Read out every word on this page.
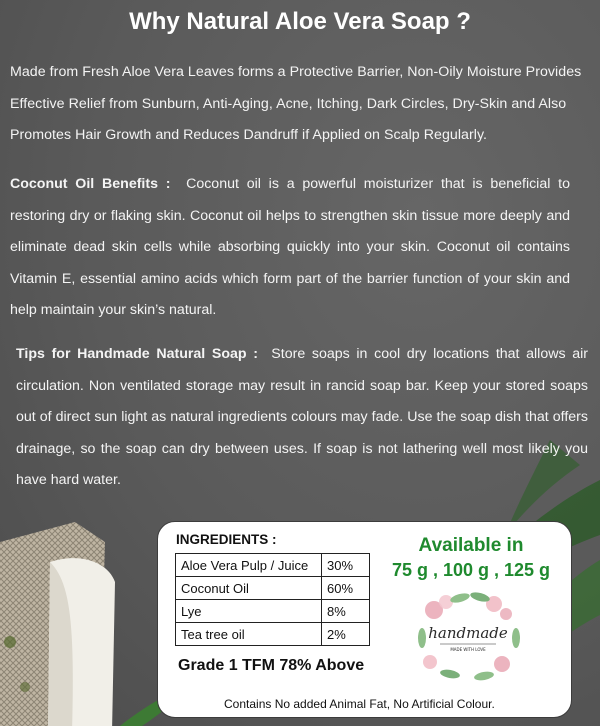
Why Natural Aloe Vera Soap ?
Made from Fresh Aloe Vera Leaves forms a Protective Barrier, Non-Oily Moisture Provides Effective Relief from Sunburn, Anti-Aging, Acne, Itching, Dark Circles, Dry-Skin and Also Promotes Hair Growth and Reduces Dandruff if Applied on Scalp Regularly.
Coconut Oil Benefits : Coconut oil is a powerful moisturizer that is beneficial to restoring dry or flaking skin. Coconut oil helps to strengthen skin tissue more deeply and eliminate dead skin cells while absorbing quickly into your skin. Coconut oil contains Vitamin E, essential amino acids which form part of the barrier function of your skin and help maintain your skin’s natural.
Tips for Handmade Natural Soap : Store soaps in cool dry locations that allows air circulation. Non ventilated storage may result in rancid soap bar. Keep your stored soaps out of direct sun light as natural ingredients colours may fade. Use the soap dish that offers drainage, so the soap can dry between uses. If soap is not lathering well most likely you have hard water.
INGREDIENTS :
Aloe Vera Pulp / Juice	30%
Coconut Oil	60%
Lye	8%
Tea tree oil	2%
Grade 1 TFM 78% Above
Available in
75 g , 100 g , 125 g
handmade
MADE WITH LOVE
Contains No added Animal Fat, No Artificial Colour.
